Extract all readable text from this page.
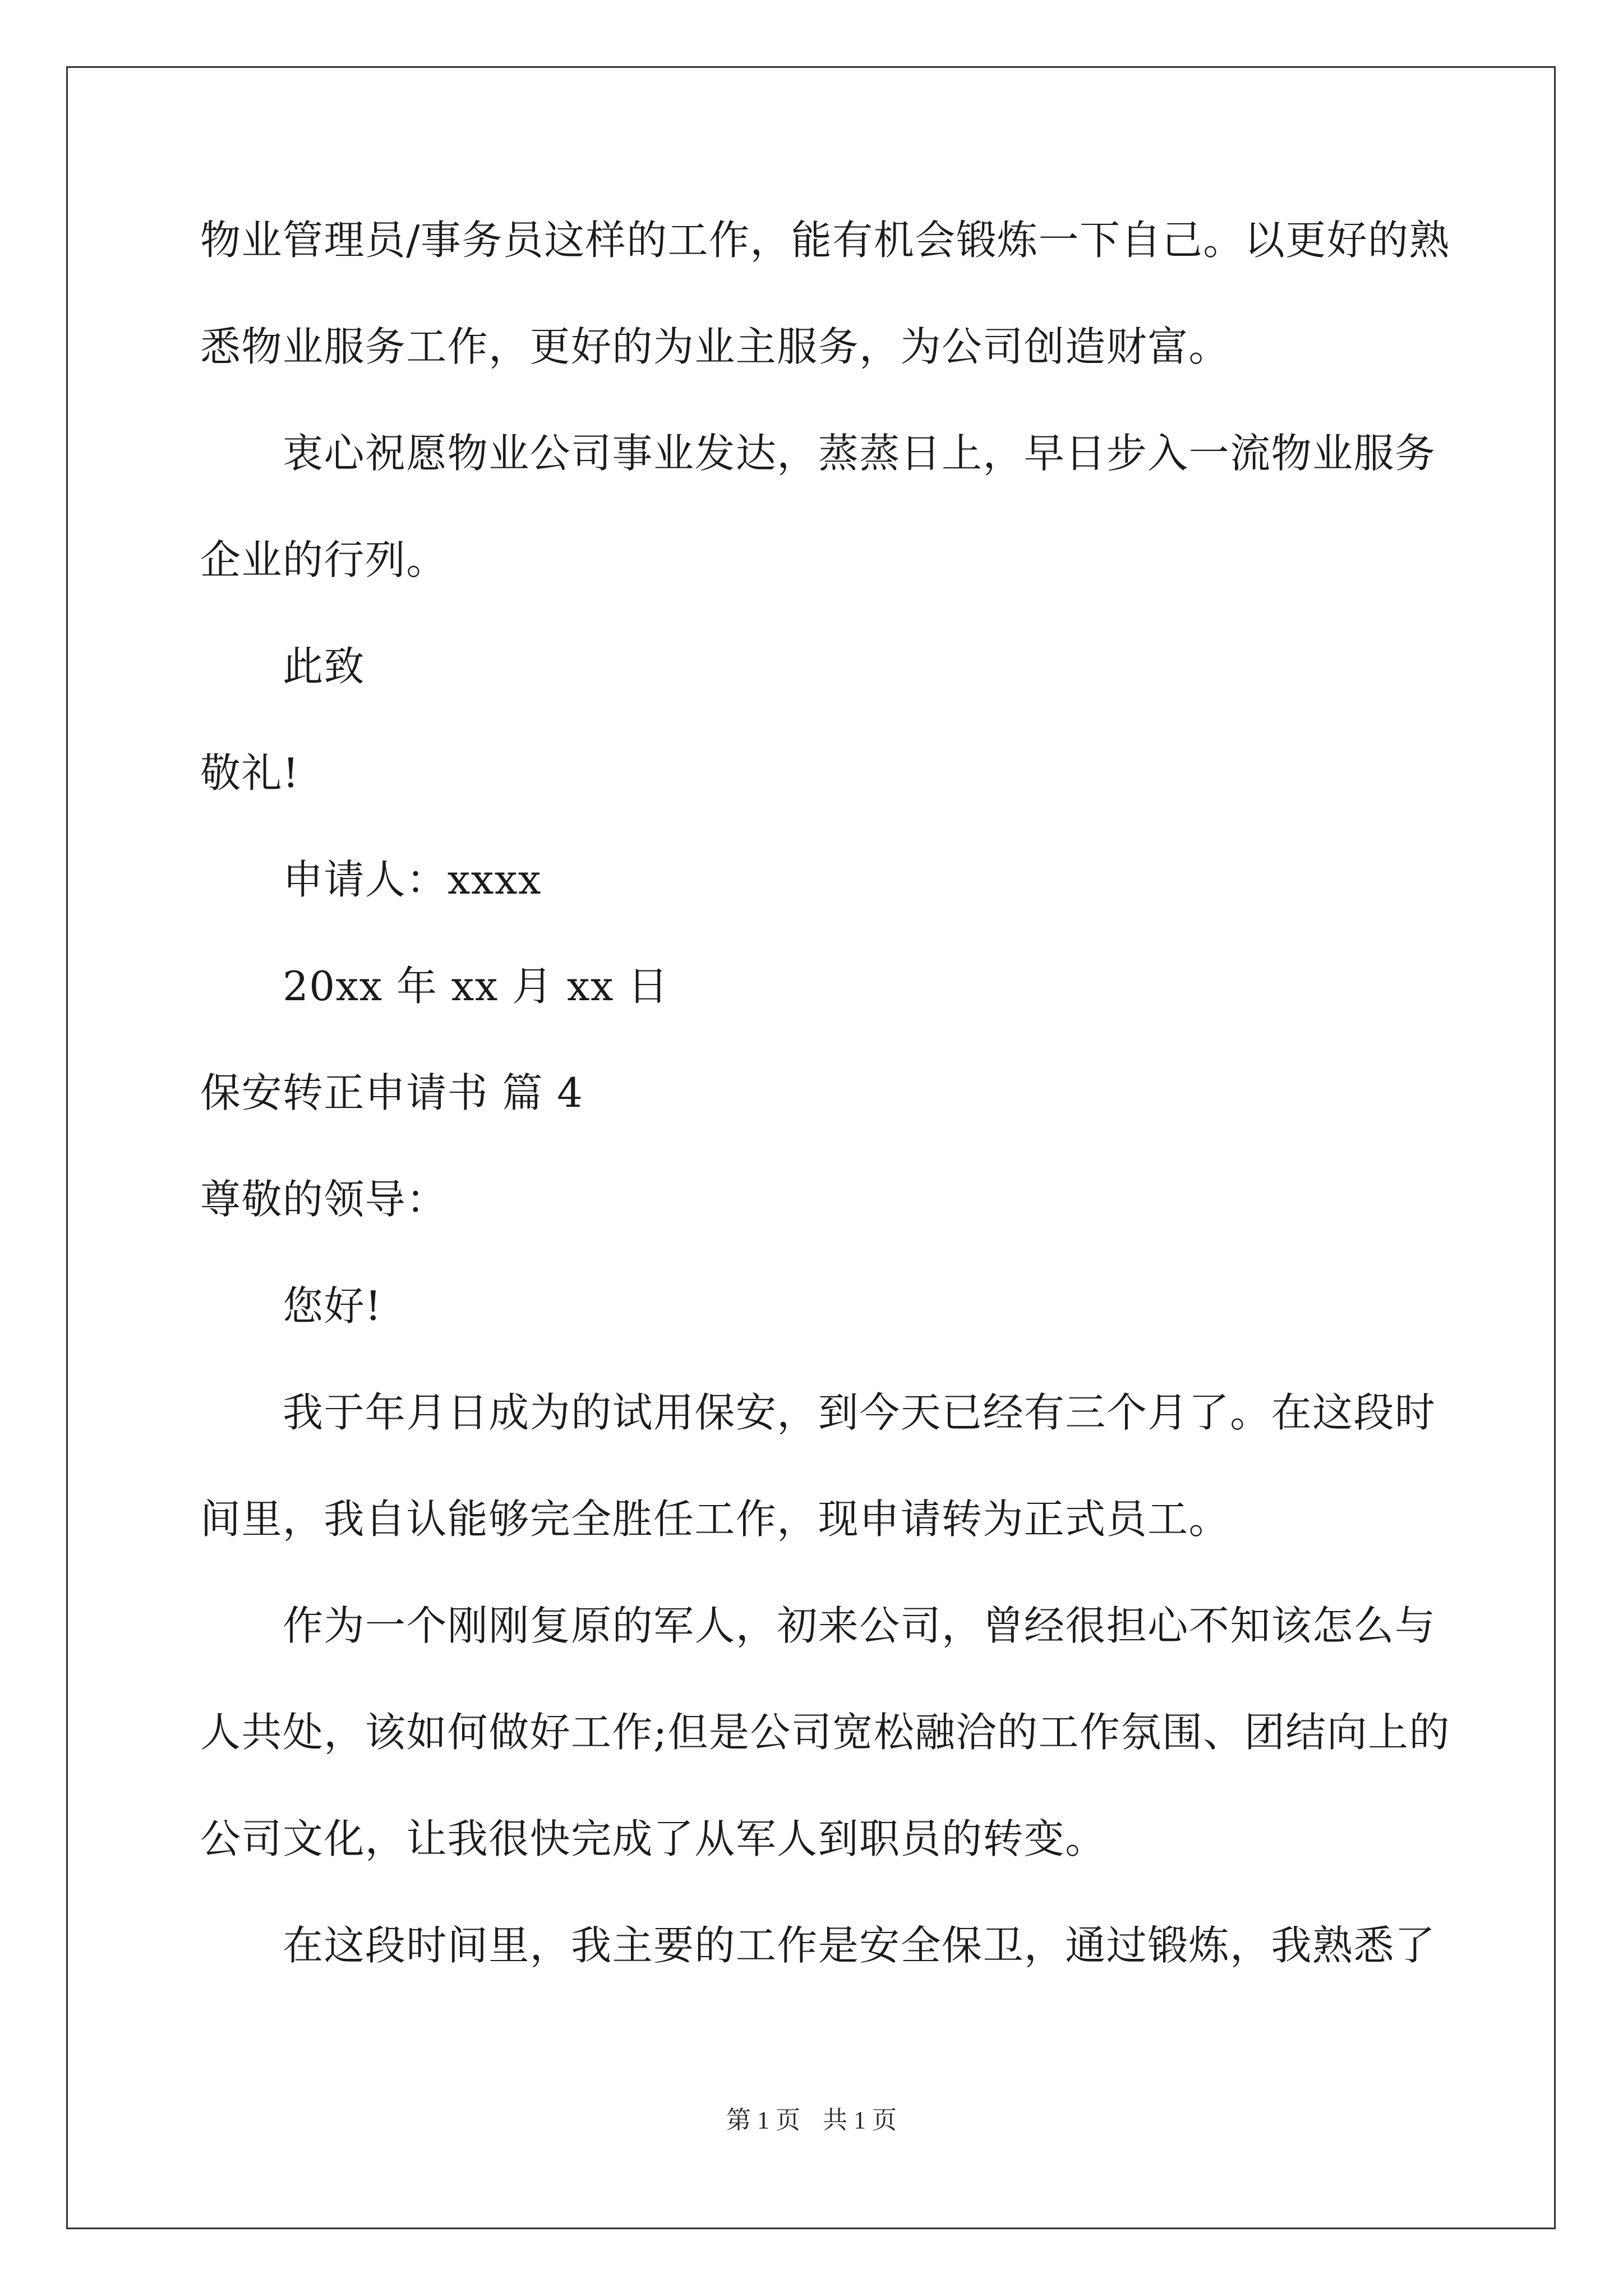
物业管理员/事务员这样的工作，能有机会锻炼一下自己。以更好的熟
悉物业服务工作，更好的为业主服务，为公司创造财富。
衷心祝愿物业公司事业发达，蒸蒸日上，早日步入一流物业服务
企业的行列。
此致
敬礼!
申请人：xxxx
20xx 年 xx 月 xx 日
保安转正申请书 篇 4
尊敬的领导：
您好!
我于年月日成为的试用保安，到今天已经有三个月了。在这段时
间里，我自认能够完全胜任工作，现申请转为正式员工。
作为一个刚刚复原的军人，初来公司，曾经很担心不知该怎么与
人共处，该如何做好工作;但是公司宽松融洽的工作氛围、团结向上的
公司文化，让我很快完成了从军人到职员的转变。
在这段时间里，我主要的工作是安全保卫，通过锻炼，我熟悉了
第 1 页 共 1 页
